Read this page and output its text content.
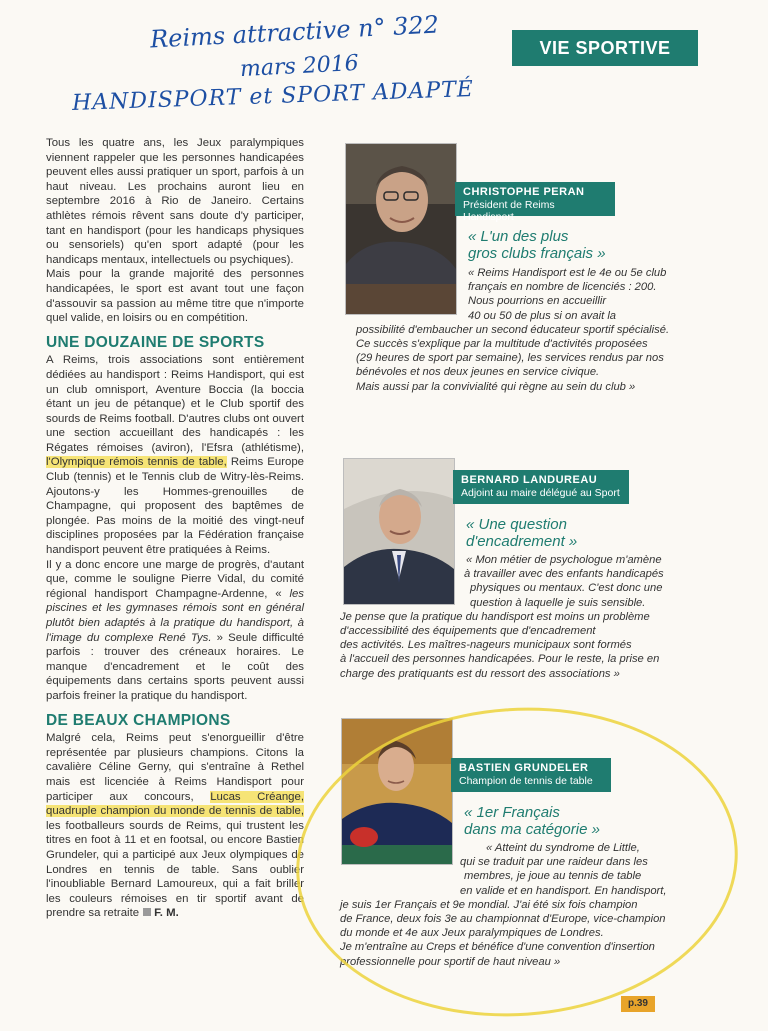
Reims attractive n° 322
mars 2016
HANDISPORT et SPORT ADAPTÉ
VIE SPORTIVE

Tous les quatre ans, les Jeux paralympiques viennent rappeler que les personnes handicapées peuvent elles aussi pratiquer un sport, parfois à un haut niveau. Les prochains auront lieu en septembre 2016 à Rio de Janeiro. Certains athlètes rémois rêvent sans doute d'y participer, tant en handisport (pour les handicaps physiques ou sensoriels) qu'en sport adapté (pour les handicaps mentaux, intellectuels ou psychiques).

Mais pour la grande majorité des personnes handicapées, le sport est avant tout une façon d'assouvir sa passion au même titre que n'importe quel valide, en loisirs ou en compétition.

UNE DOUZAINE DE SPORTS

A Reims, trois associations sont entièrement dédiées au handisport : Reims Handisport, qui est un club omnisport, Aventure Boccia (la boccia étant un jeu de pétanque) et le Club sportif des sourds de Reims football. D'autres clubs ont ouvert une section accueillant des handicapés : les Régates rémoises (aviron), l'Efsra (athlétisme), l'Olympique rémois tennis de table, Reims Europe Club (tennis) et le Tennis club de Witry-lès-Reims. Ajoutons-y les Hommes-grenouilles de Champagne, qui proposent des baptêmes de plongée. Pas moins de la moitié des vingt-neuf disciplines proposées par la Fédération française handisport peuvent être pratiquées à Reims.

Il y a donc encore une marge de progrès, d'autant que, comme le souligne Pierre Vidal, du comité régional handisport Champagne-Ardenne, « les piscines et les gymnases rémois sont en général plutôt bien adaptés à la pratique du handisport, à l'image du complexe René Tys. » Seule difficulté parfois : trouver des créneaux horaires. Le manque d'encadrement et le coût des équipements dans certains sports peuvent aussi parfois freiner la pratique du handisport.

DE BEAUX CHAMPIONS

Malgré cela, Reims peut s'enorgueillir d'être représentée par plusieurs champions. Citons la cavalière Céline Gerny, qui s'entraîne à Rethel mais est licenciée à Reims Handisport pour participer aux concours, Lucas Créange, quadruple champion du monde de tennis de table, les footballeurs sourds de Reims, qui trustent les titres en foot à 11 et en footsal, ou encore Bastien Grundeler, qui a participé aux Jeux olympiques de Londres en tennis de table. Sans oublier l'inoubliable Bernard Lamoureux, qui a fait briller les couleurs rémoises en tir sportif avant de prendre sa retraite F. M.

CHRISTOPHE PERAN
Président de Reims Handisport
« L'un des plus
gros clubs français »

« Reims Handisport est le 4e ou 5e club

français en nombre de licenciés : 200.

Nous pourrions en accueillir

40 ou 50 de plus si on avait la

possibilité d'embaucher un second éducateur sportif spécialisé.

Ce succès s'explique par la multitude d'activités proposées

(29 heures de sport par semaine), les services rendus par nos

bénévoles et nos deux jeunes en service civique.

Mais aussi par la convivialité qui règne au sein du club »

BERNARD LANDUREAU
Adjoint au maire délégué au Sport
« Une question
d'encadrement »

« Mon métier de psychologue m'amène

à travailler avec des enfants handicapés

physiques ou mentaux. C'est donc une

question à laquelle je suis sensible.

Je pense que la pratique du handisport est moins un problème

d'accessibilité des équipements que d'encadrement

des activités. Les maîtres-nageurs municipaux sont formés

à l'accueil des personnes handicapées. Pour le reste, la prise en

charge des pratiquants est du ressort des associations »

BASTIEN GRUNDELER
Champion de tennis de table
« 1er Français
dans ma catégorie »

« Atteint du syndrome de Little,

qui se traduit par une raideur dans les

membres, je joue au tennis de table

en valide et en handisport. En handisport,

je suis 1er Français et 9e mondial. J'ai été six fois champion

de France, deux fois 3e au championnat d'Europe, vice-champion

du monde et 4e aux Jeux paralympiques de Londres.

Je m'entraîne au Creps et bénéfice d'une convention d'insertion

professionnelle pour sportif de haut niveau »

p.39
